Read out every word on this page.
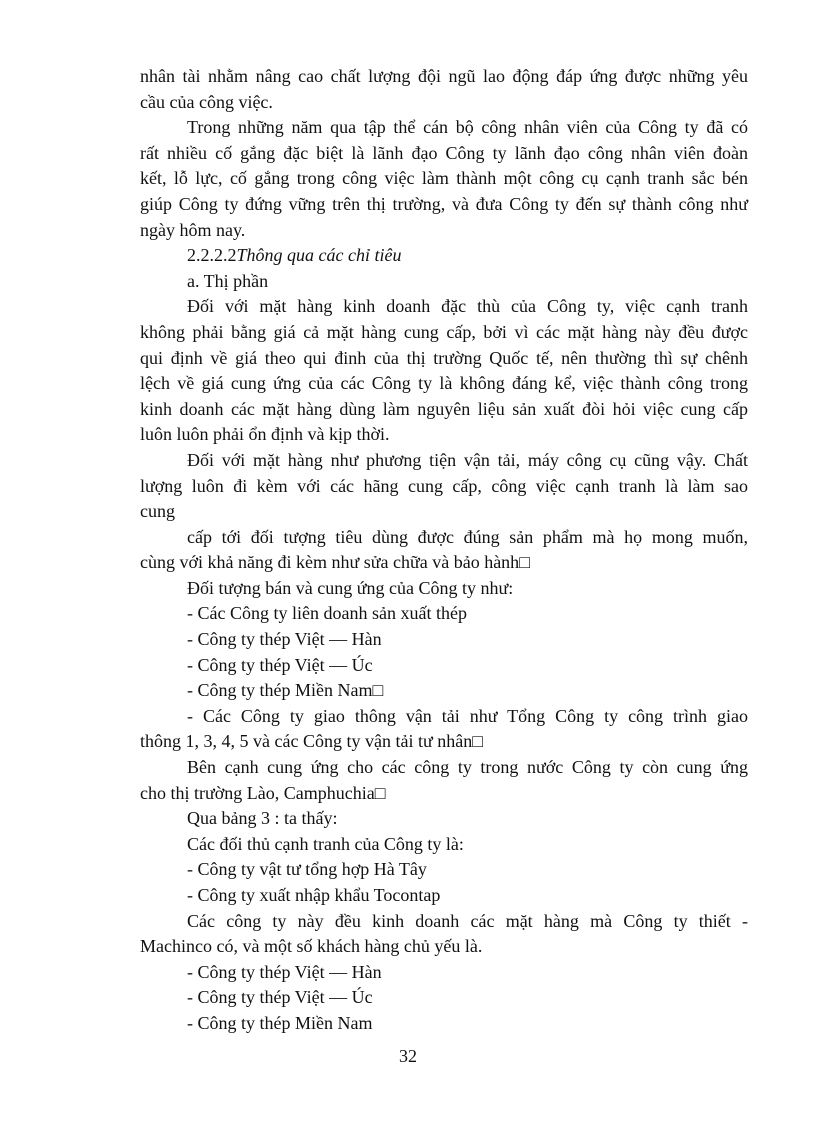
nhân tài nhằm nâng cao chất lượng đội ngũ lao động đáp ứng được những yêu
cầu của công việc.
Trong những năm qua tập thể cán bộ công nhân viên của Công ty đã có
rất nhiều cố gắng đặc biệt là lãnh đạo Công ty lãnh đạo công nhân viên đoàn
kết, lỗ lực, cố gắng trong công việc làm thành một công cụ cạnh tranh sắc bén
giúp Công ty đứng vững trên thị trường, và đưa Công ty đến sự thành công như
ngày hôm nay.
2.2.2.2Thông qua các chỉ tiêu
a. Thị phần
Đối với mặt hàng kinh doanh đặc thù của Công ty, việc cạnh tranh
không phải bằng giá cả mặt hàng cung cấp, bởi vì các mặt hàng này đều được
qui định về giá theo qui đinh của thị trường Quốc tế, nên thường thì sự chênh
lệch về giá cung ứng của các Công ty là không đáng kể, việc thành công trong
kinh doanh các mặt hàng dùng làm nguyên liệu sản xuất đòi hỏi việc cung cấp
luôn luôn phải ổn định và kịp thời.
Đối với mặt hàng như phương tiện vận tải, máy công cụ cũng vậy. Chất
lượng luôn đi kèm với các hãng cung cấp, công việc cạnh tranh là làm sao
cung
cấp tới đối tượng tiêu dùng được đúng sản phẩm mà họ mong muốn,
cùng với khả năng đi kèm như sửa chữa và bảo hành□
Đối tượng bán và cung ứng của Công ty như:
- Các Công ty liên doanh sản xuất thép
- Công ty thép Việt — Hàn
- Công ty thép Việt — Úc
- Công ty thép Miền Nam□
- Các Công ty giao thông vận tải như Tổng Công ty công trình giao
thông 1, 3, 4, 5 và các Công ty vận tải tư nhân□
Bên cạnh cung ứng cho các công ty trong nước Công ty còn cung ứng
cho thị trường Lào, Camphuchia□
Qua bảng 3 : ta thấy:
Các đối thủ cạnh tranh của Công ty là:
- Công ty vật tư tổng hợp Hà Tây
- Công ty xuất nhập khẩu Tocontap
Các công ty này đều kinh doanh các mặt hàng mà Công ty thiết -
Machinco có, và một số khách hàng chủ yếu là.
- Công ty thép Việt — Hàn
- Công ty thép Việt — Úc
- Công ty thép Miền Nam
32
